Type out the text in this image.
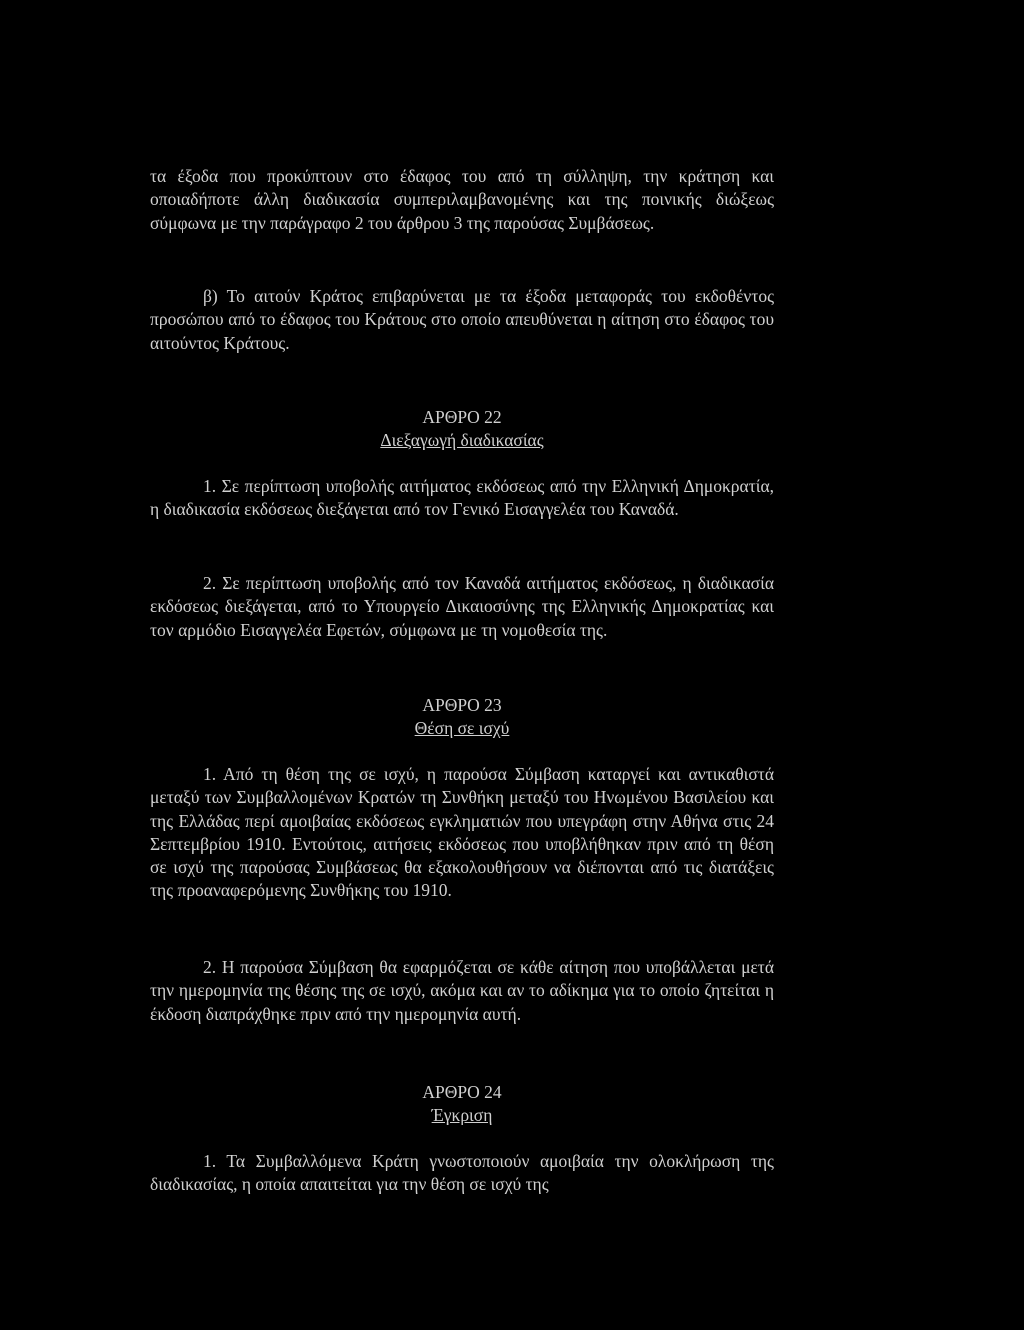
τα έξοδα που προκύπτουν στο έδαφος του από τη σύλληψη, την κράτηση και οποιαδήποτε άλλη διαδικασία συμπεριλαμβανομένης και της ποινικής διώξεως σύμφωνα με την παράγραφο 2 του άρθρου 3 της παρούσας Συμβάσεως.

β) Το αιτούν Κράτος επιβαρύνεται με τα έξοδα μεταφοράς του εκδοθέντος προσώπου από το έδαφος του Κράτους στο οποίο απευθύνεται η αίτηση στο έδαφος του αιτούντος Κράτους.

ΑΡΘΡΟ 22
Διεξαγωγή διαδικασίας

1. Σε περίπτωση υποβολής αιτήματος εκδόσεως από την Ελληνική Δημοκρατία, η διαδικασία εκδόσεως διεξάγεται από τον Γενικό Εισαγγελέα του Καναδά.

2. Σε περίπτωση υποβολής από τον Καναδά αιτήματος εκδόσεως, η διαδικασία εκδόσεως διεξάγεται, από το Υπουργείο Δικαιοσύνης της Ελληνικής Δημοκρατίας και τον αρμόδιο Εισαγγελέα Εφετών, σύμφωνα με τη νομοθεσία της.

ΑΡΘΡΟ 23
Θέση σε ισχύ

1. Από τη θέση της σε ισχύ, η παρούσα Σύμβαση καταργεί και αντικαθιστά μεταξύ των Συμβαλλομένων Κρατών τη Συνθήκη μεταξύ του Ηνωμένου Βασιλείου και της Ελλάδας περί αμοιβαίας εκδόσεως εγκληματιών που υπεγράφη στην Αθήνα στις 24 Σεπτεμβρίου 1910. Εντούτοις, αιτήσεις εκδόσεως που υποβλήθηκαν πριν από τη θέση σε ισχύ της παρούσας Συμβάσεως θα εξακολουθήσουν να διέπονται από τις διατάξεις της προαναφερόμενης Συνθήκης του 1910.

2. Η παρούσα Σύμβαση θα εφαρμόζεται σε κάθε αίτηση που υποβάλλεται μετά την ημερομηνία της θέσης της σε ισχύ, ακόμα και αν το αδίκημα για το οποίο ζητείται η έκδοση διαπράχθηκε πριν από την ημερομηνία αυτή.

ΑΡΘΡΟ 24
Έγκριση

1. Τα Συμβαλλόμενα Κράτη γνωστοποιούν αμοιβαία την ολοκλήρωση της διαδικασίας, η οποία απαιτείται για την θέση σε ισχύ της
